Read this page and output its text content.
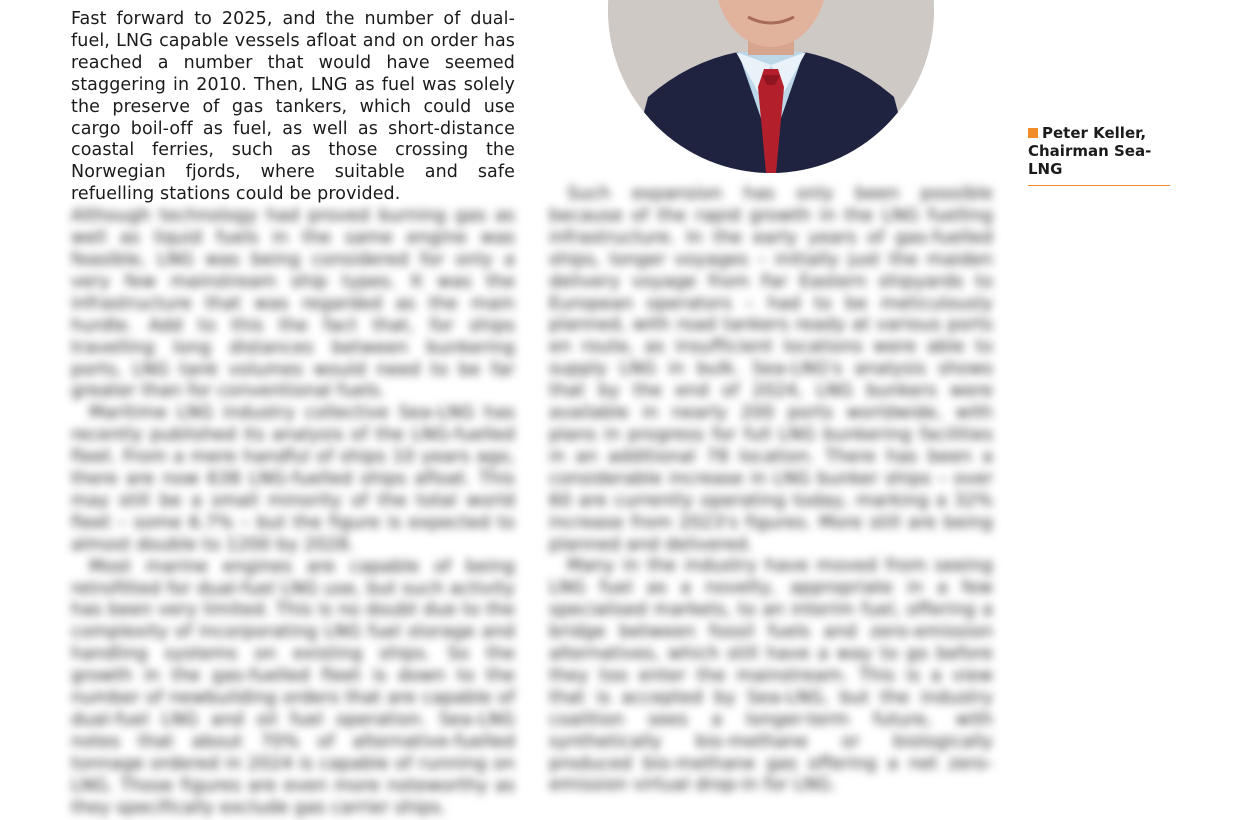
Fast forward to 2025, and the number of dual-fuel, LNG capable vessels afloat and on order has reached a number that would have seemed staggering in 2010. Then, LNG as fuel was solely the preserve of gas tankers, which could use cargo boil-off as fuel, as well as short-distance coastal ferries, such as those crossing the Norwegian fjords, where suitable and safe refuelling stations could be provided.

Although technology had proved burning gas as well as liquid fuels in the same engine was feasible, LNG was being considered for only a very few mainstream ship types. It was the infrastructure that was regarded as the main hurdle. Add to this the fact that, for ships travelling long distances between bunkering ports, LNG tank volumes would need to be far greater than for conventional fuels.

Maritime LNG industry collective Sea-LNG has recently published its analysis of the LNG-fuelled fleet. From a mere handful of ships 10 years ago, there are now 638 LNG-fuelled ships afloat. This may still be a small minority of the total world fleet – some 6.7% – but the figure is expected to almost double to 1200 by 2028.

Most marine engines are capable of being retrofitted for dual-fuel LNG use, but such activity has been very limited. This is no doubt due to the complexity of incorporating LNG fuel storage and handling systems on existing ships. So the growth in the gas-fuelled fleet is down to the number of newbuilding orders that are capable of dual-fuel LNG and oil fuel operation. Sea-LNG notes that about 70% of alternative-fuelled tonnage ordered in 2024 is capable of running on LNG. Those figures are even more noteworthy as they specifically exclude gas carrier ships.

Peter Keller,
Chairman Sea-LNG

Such expansion has only been possible because of the rapid growth in the LNG fuelling infrastructure. In the early years of gas-fuelled ships, longer voyages – initially just the maiden delivery voyage from Far Eastern shipyards to European operators – had to be meticulously planned, with road tankers ready at various ports en route, as insufficient locations were able to supply LNG in bulk. Sea-LNG's analysis shows that by the end of 2024, LNG bunkers were available in nearly 200 ports worldwide, with plans in progress for full LNG bunkering facilities in an additional 78 location. There has been a considerable increase in LNG bunker ships – over 60 are currently operating today, marking a 32% increase from 2023's figures. More still are being planned and delivered.

Many in the industry have moved from seeing LNG fuel as a novelty, appropriate in a few specialised markets, to an interim fuel, offering a bridge between fossil fuels and zero-emission alternatives, which still have a way to go before they too enter the mainstream. This is a view that is accepted by Sea-LNG, but the industry coalition sees a longer-term future, with synthetically bio-methane or biologically produced bio-methane gas offering a net zero-emission virtual drop-in for LNG.
